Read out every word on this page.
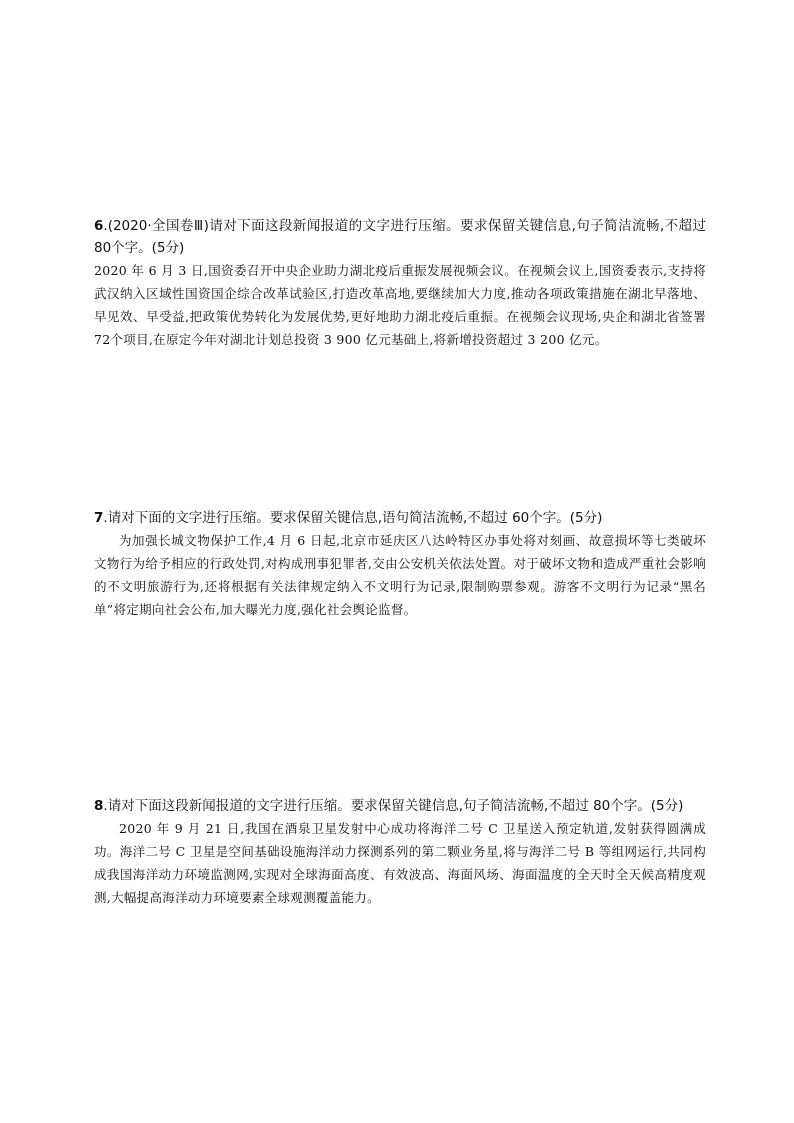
6.(2020·全国卷Ⅲ)请对下面这段新闻报道的文字进行压缩。要求保留关键信息,句子简洁流畅,不超过 80个字。(5分)

2020 年 6 月 3 日,国资委召开中央企业助力湖北疫后重振发展视频会议。在视频会议上,国资委表示,支持将武汉纳入区域性国资国企综合改革试验区,打造改革高地,要继续加大力度,推动各项政策措施在湖北早落地、早见效、早受益,把政策优势转化为发展优势,更好地助力湖北疫后重振。在视频会议现场,央企和湖北省签署72个项目,在原定今年对湖北计划总投资 3 900 亿元基础上,将新增投资超过 3 200 亿元。

7.请对下面的文字进行压缩。要求保留关键信息,语句简洁流畅,不超过 60个字。(5分)

为加强长城文物保护工作,4 月 6 日起,北京市延庆区八达岭特区办事处将对刻画、故意损坏等七类破坏文物行为给予相应的行政处罚,对构成刑事犯罪者,交由公安机关依法处置。对于破坏文物和造成严重社会影响的不文明旅游行为,还将根据有关法律规定纳入不文明行为记录,限制购票参观。游客不文明行为记录“黑名单”将定期向社会公布,加大曝光力度,强化社会舆论监督。

8.请对下面这段新闻报道的文字进行压缩。要求保留关键信息,句子简洁流畅,不超过 80个字。(5分)

2020 年 9 月 21 日,我国在酒泉卫星发射中心成功将海洋二号 C 卫星送入预定轨道,发射获得圆满成功。海洋二号 C 卫星是空间基础设施海洋动力探测系列的第二颗业务星,将与海洋二号 B 等组网运行,共同构成我国海洋动力环境监测网,实现对全球海面高度、有效波高、海面风场、海面温度的全天时全天候高精度观测,大幅提高海洋动力环境要素全球观测覆盖能力。
